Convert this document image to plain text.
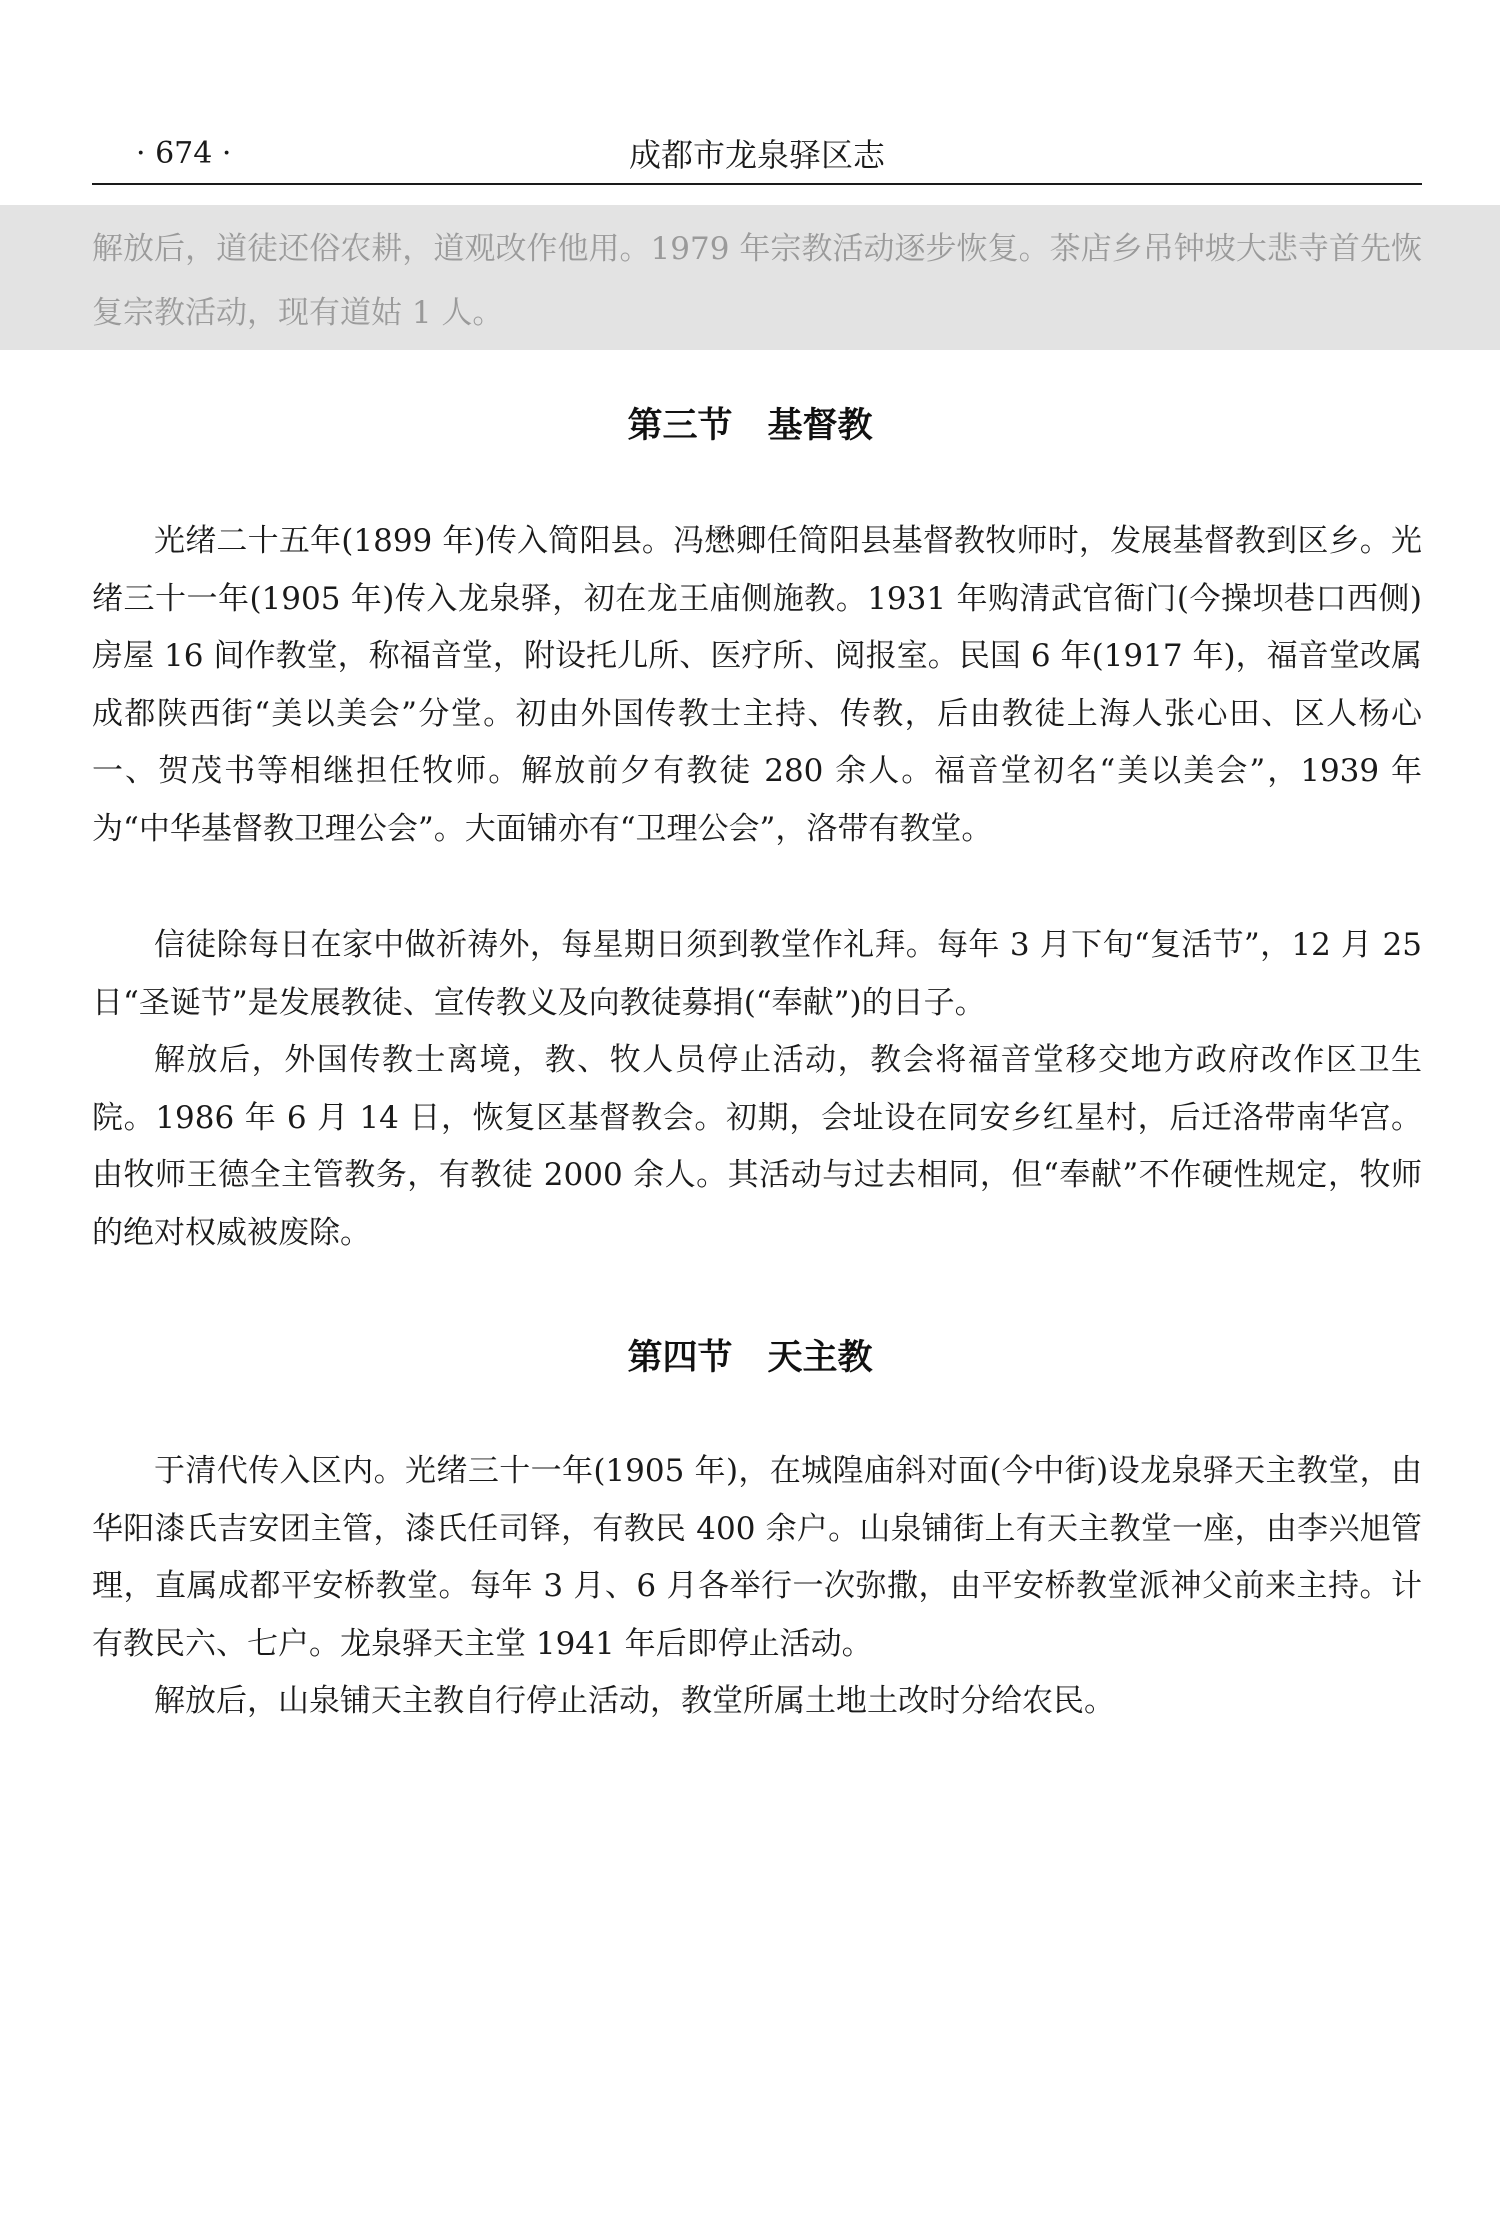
· 674 ·	成都市龙泉驿区志

解放后，道徒还俗农耕，道观改作他用。1979 年宗教活动逐步恢复。茶店乡吊钟坡大悲寺首先恢复宗教活动，现有道姑 1 人。

第三节　基督教

光绪二十五年(1899 年)传入简阳县。冯懋卿任简阳县基督教牧师时，发展基督教到区乡。光绪三十一年(1905 年)传入龙泉驿，初在龙王庙侧施教。1931 年购清武官衙门(今操坝巷口西侧)房屋 16 间作教堂，称福音堂，附设托儿所、医疗所、阅报室。民国 6 年(1917 年)，福音堂改属成都陕西街“美以美会”分堂。初由外国传教士主持、传教，后由教徒上海人张心田、区人杨心一、贺茂书等相继担任牧师。解放前夕有教徒 280 余人。福音堂初名“美以美会”，1939 年为“中华基督教卫理公会”。大面铺亦有“卫理公会”，洛带有教堂。

信徒除每日在家中做祈祷外，每星期日须到教堂作礼拜。每年 3 月下旬“复活节”，12 月 25 日“圣诞节”是发展教徒、宣传教义及向教徒募捐(“奉献”)的日子。

解放后，外国传教士离境，教、牧人员停止活动，教会将福音堂移交地方政府改作区卫生院。1986 年 6 月 14 日，恢复区基督教会。初期，会址设在同安乡红星村，后迁洛带南华宫。由牧师王德全主管教务，有教徒 2000 余人。其活动与过去相同，但“奉献”不作硬性规定，牧师的绝对权威被废除。

第四节　天主教

于清代传入区内。光绪三十一年(1905 年)，在城隍庙斜对面(今中街)设龙泉驿天主教堂，由华阳漆氏吉安团主管，漆氏任司铎，有教民 400 余户。山泉铺街上有天主教堂一座，由李兴旭管理，直属成都平安桥教堂。每年 3 月、6 月各举行一次弥撒，由平安桥教堂派神父前来主持。计有教民六、七户。龙泉驿天主堂 1941 年后即停止活动。

解放后，山泉铺天主教自行停止活动，教堂所属土地土改时分给农民。
